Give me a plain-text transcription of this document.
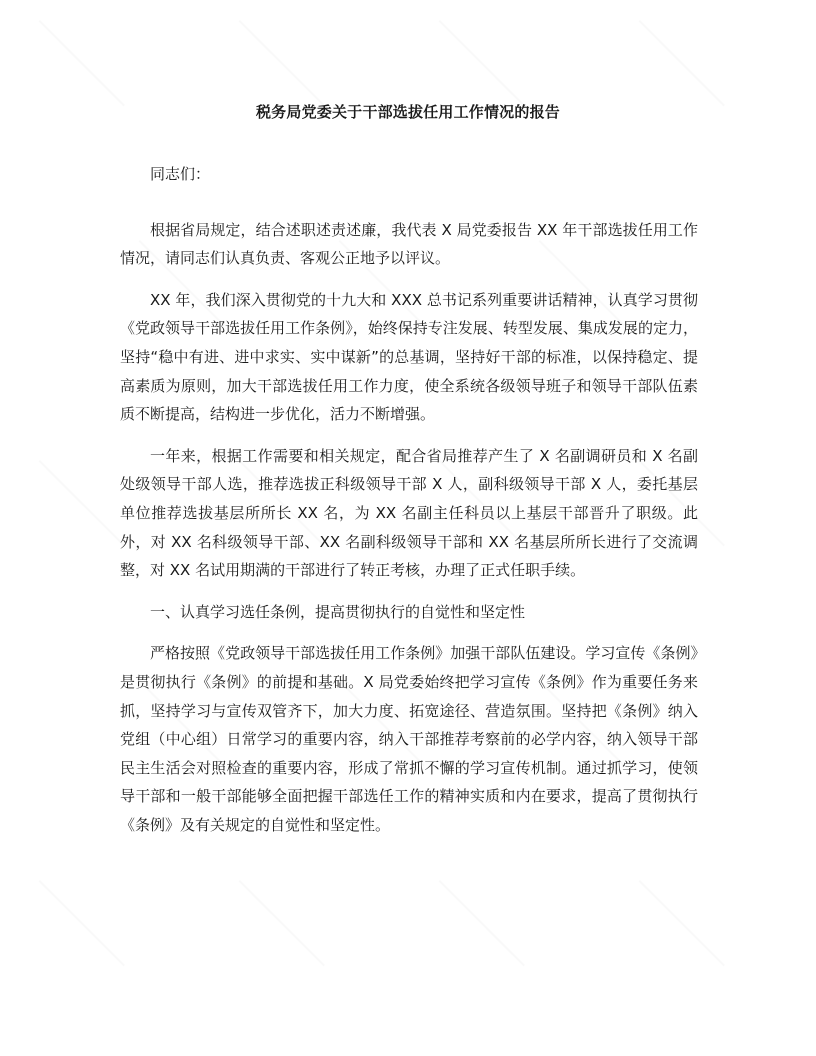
税务局党委关于干部选拔任用工作情况的报告

同志们：

根据省局规定，结合述职述责述廉，我代表 X 局党委报告 XX 年干部选拔任用工作情况，请同志们认真负责、客观公正地予以评议。

XX 年，我们深入贯彻党的十九大和 XXX 总书记系列重要讲话精神，认真学习贯彻《党政领导干部选拔任用工作条例》，始终保持专注发展、转型发展、集成发展的定力，坚持“稳中有进、进中求实、实中谋新”的总基调，坚持好干部的标准，以保持稳定、提高素质为原则，加大干部选拔任用工作力度，使全系统各级领导班子和领导干部队伍素质不断提高，结构进一步优化，活力不断增强。

一年来，根据工作需要和相关规定，配合省局推荐产生了 X 名副调研员和 X 名副处级领导干部人选，推荐选拔正科级领导干部 X 人，副科级领导干部 X 人，委托基层单位推荐选拔基层所所长 XX 名，为 XX 名副主任科员以上基层干部晋升了职级。此外，对 XX 名科级领导干部、XX 名副科级领导干部和 XX 名基层所所长进行了交流调整，对 XX 名试用期满的干部进行了转正考核，办理了正式任职手续。

一、认真学习选任条例，提高贯彻执行的自觉性和坚定性

严格按照《党政领导干部选拔任用工作条例》加强干部队伍建设。学习宣传《条例》是贯彻执行《条例》的前提和基础。X 局党委始终把学习宣传《条例》作为重要任务来抓，坚持学习与宣传双管齐下，加大力度、拓宽途径、营造氛围。坚持把《条例》纳入党组（中心组）日常学习的重要内容，纳入干部推荐考察前的必学内容，纳入领导干部民主生活会对照检查的重要内容，形成了常抓不懈的学习宣传机制。通过抓学习，使领导干部和一般干部能够全面把握干部选任工作的精神实质和内在要求，提高了贯彻执行《条例》及有关规定的自觉性和坚定性。
